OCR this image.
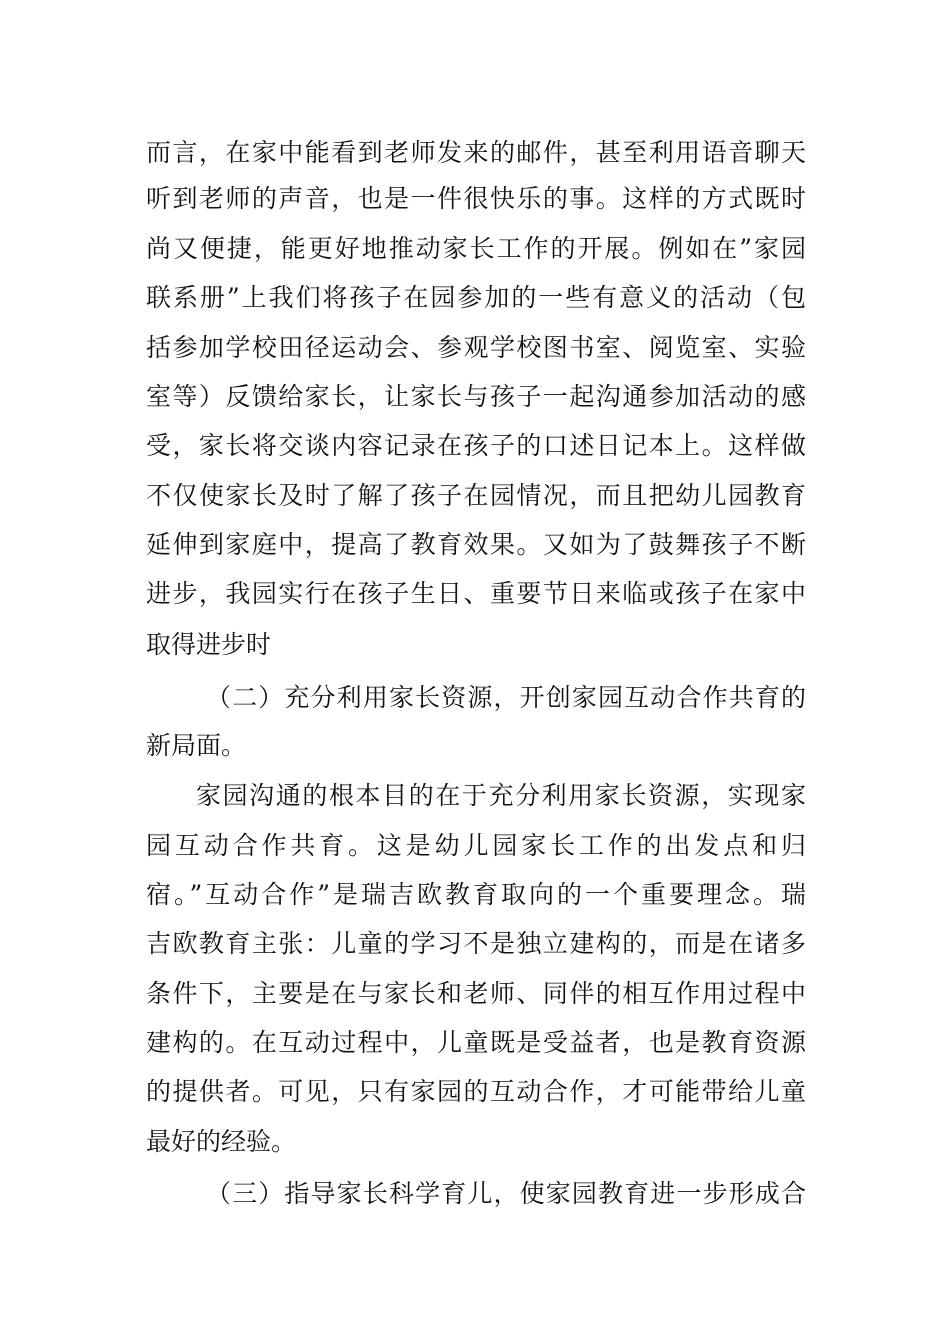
而言，在家中能看到老师发来的邮件，甚至利用语音聊天
听到老师的声音，也是一件很快乐的事。这样的方式既时
尚又便捷，能更好地推动家长工作的开展。例如在”家园
联系册”上我们将孩子在园参加的一些有意义的活动（包
括参加学校田径运动会、参观学校图书室、阅览室、实验
室等）反馈给家长，让家长与孩子一起沟通参加活动的感
受，家长将交谈内容记录在孩子的口述日记本上。这样做
不仅使家长及时了解了孩子在园情况，而且把幼儿园教育
延伸到家庭中，提高了教育效果。又如为了鼓舞孩子不断
进步，我园实行在孩子生日、重要节日来临或孩子在家中
取得进步时
（二）充分利用家长资源，开创家园互动合作共育的
新局面。
家园沟通的根本目的在于充分利用家长资源，实现家
园互动合作共育。这是幼儿园家长工作的出发点和归
宿。”互动合作”是瑞吉欧教育取向的一个重要理念。瑞
吉欧教育主张：儿童的学习不是独立建构的，而是在诸多
条件下，主要是在与家长和老师、同伴的相互作用过程中
建构的。在互动过程中，儿童既是受益者，也是教育资源
的提供者。可见，只有家园的互动合作，才可能带给儿童
最好的经验。
（三）指导家长科学育儿，使家园教育进一步形成合
